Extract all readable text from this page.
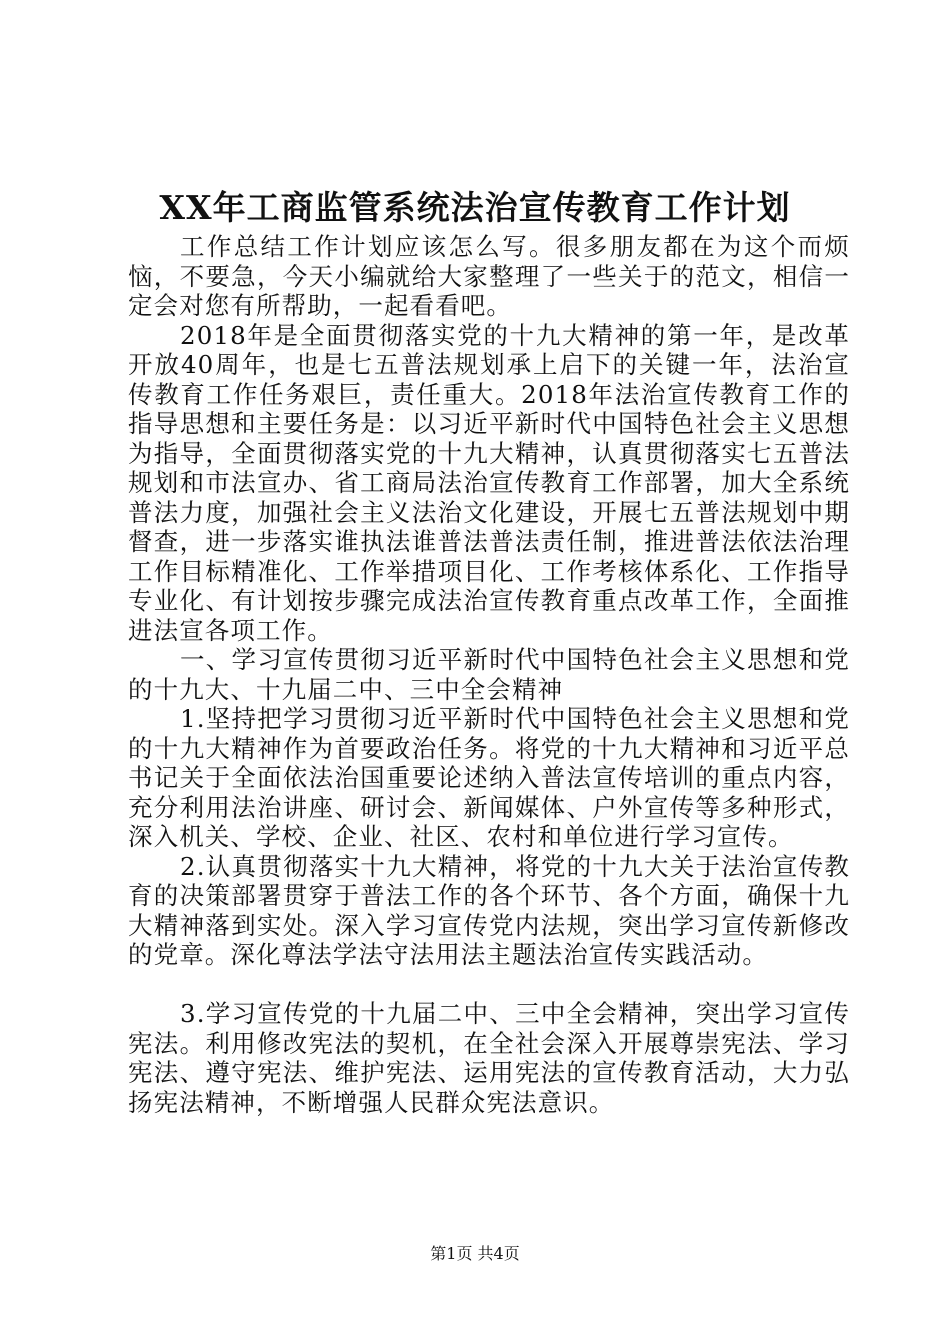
XX年工商监管系统法治宣传教育工作计划

工作总结工作计划应该怎么写。很多朋友都在为这个而烦恼，不要急，今天小编就给大家整理了一些关于的范文，相信一定会对您有所帮助，一起看看吧。

2018年是全面贯彻落实党的十九大精神的第一年，是改革开放40周年，也是七五普法规划承上启下的关键一年，法治宣传教育工作任务艰巨，责任重大。2018年法治宣传教育工作的指导思想和主要任务是：以习近平新时代中国特色社会主义思想为指导，全面贯彻落实党的十九大精神，认真贯彻落实七五普法规划和市法宣办、省工商局法治宣传教育工作部署，加大全系统普法力度，加强社会主义法治文化建设，开展七五普法规划中期督查，进一步落实谁执法谁普法普法责任制，推进普法依法治理工作目标精准化、工作举措项目化、工作考核体系化、工作指导专业化、有计划按步骤完成法治宣传教育重点改革工作，全面推进法宣各项工作。

一、学习宣传贯彻习近平新时代中国特色社会主义思想和党的十九大、十九届二中、三中全会精神

1.坚持把学习贯彻习近平新时代中国特色社会主义思想和党的十九大精神作为首要政治任务。将党的十九大精神和习近平总书记关于全面依法治国重要论述纳入普法宣传培训的重点内容，充分利用法治讲座、研讨会、新闻媒体、户外宣传等多种形式，深入机关、学校、企业、社区、农村和单位进行学习宣传。

2.认真贯彻落实十九大精神，将党的十九大关于法治宣传教育的决策部署贯穿于普法工作的各个环节、各个方面，确保十九大精神落到实处。深入学习宣传党内法规，突出学习宣传新修改的党章。深化尊法学法守法用法主题法治宣传实践活动。

3.学习宣传党的十九届二中、三中全会精神，突出学习宣传宪法。利用修改宪法的契机，在全社会深入开展尊崇宪法、学习宪法、遵守宪法、维护宪法、运用宪法的宣传教育活动，大力弘扬宪法精神，不断增强人民群众宪法意识。

第1页 共4页
